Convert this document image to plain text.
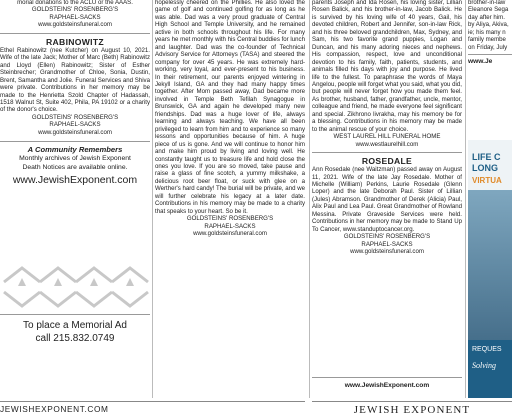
morial donations to the ACLU or the AAAS.

GOLDSTEINS' ROSENBERG'S

RAPHAEL-SACKS

www.goldsteinsfuneral.com

RABINOWITZ

Ethel Rabinowitz (nee Kutcher) on August 10, 2021. Wife of the late Jack; Mother of Marc (Beth) Rabinowitz and Lloyd (Ellen) Rabinowitz; Sister of Esther Steinbrecher; Grandmother of Chloe, Sonia, Dustin, Brent, Samantha and Jolie. Funeral Services and Shiva were private. Contributions in her memory may be made to the Henrietta Szold Chapter of Hadassah, 1518 Walnut St, Suite 402, Phila, PA 19102 or a charity of the donor's choice.

GOLDSTEINS' ROSENBERG'S

RAPHAEL-SACKS

www.goldsteinsfuneral.com

A Community Remembers

Monthly archives of Jewish Exponent

Death Notices are available online.

www.JewishExponent.com

To place a Memorial Ad

call 215.832.0749

hopelessly cheered on the Phillies. He also loved the game of golf and continued golfing for as long as he was able. Dad was a very proud graduate of Central High School and Temple University, and he remained active in both schools throughout his life. For many years he met monthly with his Central buddies for lunch and laughter. Dad was the co-founder of Technical Advisory Service for Attorneys (TASA) and steered the company for over 45 years. He was extremely hard-working, very loyal, and ever-present to his business. In their retirement, our parents enjoyed wintering in Jekyll Island, GA and they had many happy times together. After Mom passed away, Dad became more involved in Temple Beth Tefilah Synagogue in Brunswick, GA and again he developed many new friendships. Dad was a huge lover of life, always learning and always teaching. We have all been privileged to learn from him and to experience so many lessons and opportunities because of him. A huge piece of us is gone. And we will continue to honor him and make him proud by living and loving well. He constantly taught us to treasure life and hold close the ones you love. If you are so moved, take pause and raise a glass of fine scotch, a yummy milkshake, a delicious root beer float, or suck with glee on a Werther's hard candy! The burial will be private, and we will further celebrate his legacy at a later date. Contributions in his memory may be made to a charity that speaks to your heart. So be it.

GOLDSTEINS' ROSENBERG'S

RAPHAEL-SACKS

www.goldsteinsfuneral.com

parents Joseph and Ida Rosen, his loving sister, Lillian Rosen Balick, and his brother-in-law, Jacob Balick. He is survived by his loving wife of 40 years, Gail, his devoted children, Robert and Jennifer, son-in-law Rick, and his three beloved grandchildren, Max, Sydney, and Sam, his two favorite grand puppies, Logan and Duncan, and his many adoring nieces and nephews. His compassion, respect, love and unconditional devotion to his family, faith, patients, students, and animals filled his days with joy and purpose. He lived life to the fullest. To paraphrase the words of Maya Angelou, people will forget what you said, what you did, but people will never forget how you made them feel. As brother, husband, father, grandfather, uncle, mentor, colleague and friend, he made everyone feel significant and special. Zikhrono livrakha, may his memory be for a blessing. Contributions in his memory may be made to the animal rescue of your choice.

WEST LAUREL HILL FUNERAL HOME

www.westlaurelhill.com

ROSEDALE

Ann Rosedale (nee Waitzman) passed away on August 11, 2021. Wife of the late Jay Rosedale. Mother of Michelle (William) Perkins, Laurie Rosedale (Glenn Loper) and the late Deborah Paul. Sister of Lillian (Jules) Abramson. Grandmother of Derek (Alicia) Paul, Alix Paul and Lea Paul. Great Grandmother of Rowland Messina. Private Graveside Services were held. Contributions in her memory may be made to Stand Up To Cancer, www.standuptocancer.org.

GOLDSTEINS' ROSENBERG'S

RAPHAEL-SACKS

www.goldsteinsfuneral.com

www.JewishExponent.com

brother-in-law

Eleanore Sega

day after him.

by Aliya, Akiva,

ie; his many n

family membe

on Friday, July

www.Je

LIFE C

LONG

VIRTUA

REQUES

Solving

JEWISHEXPONENT.COM	JEWISH EXPONENT
